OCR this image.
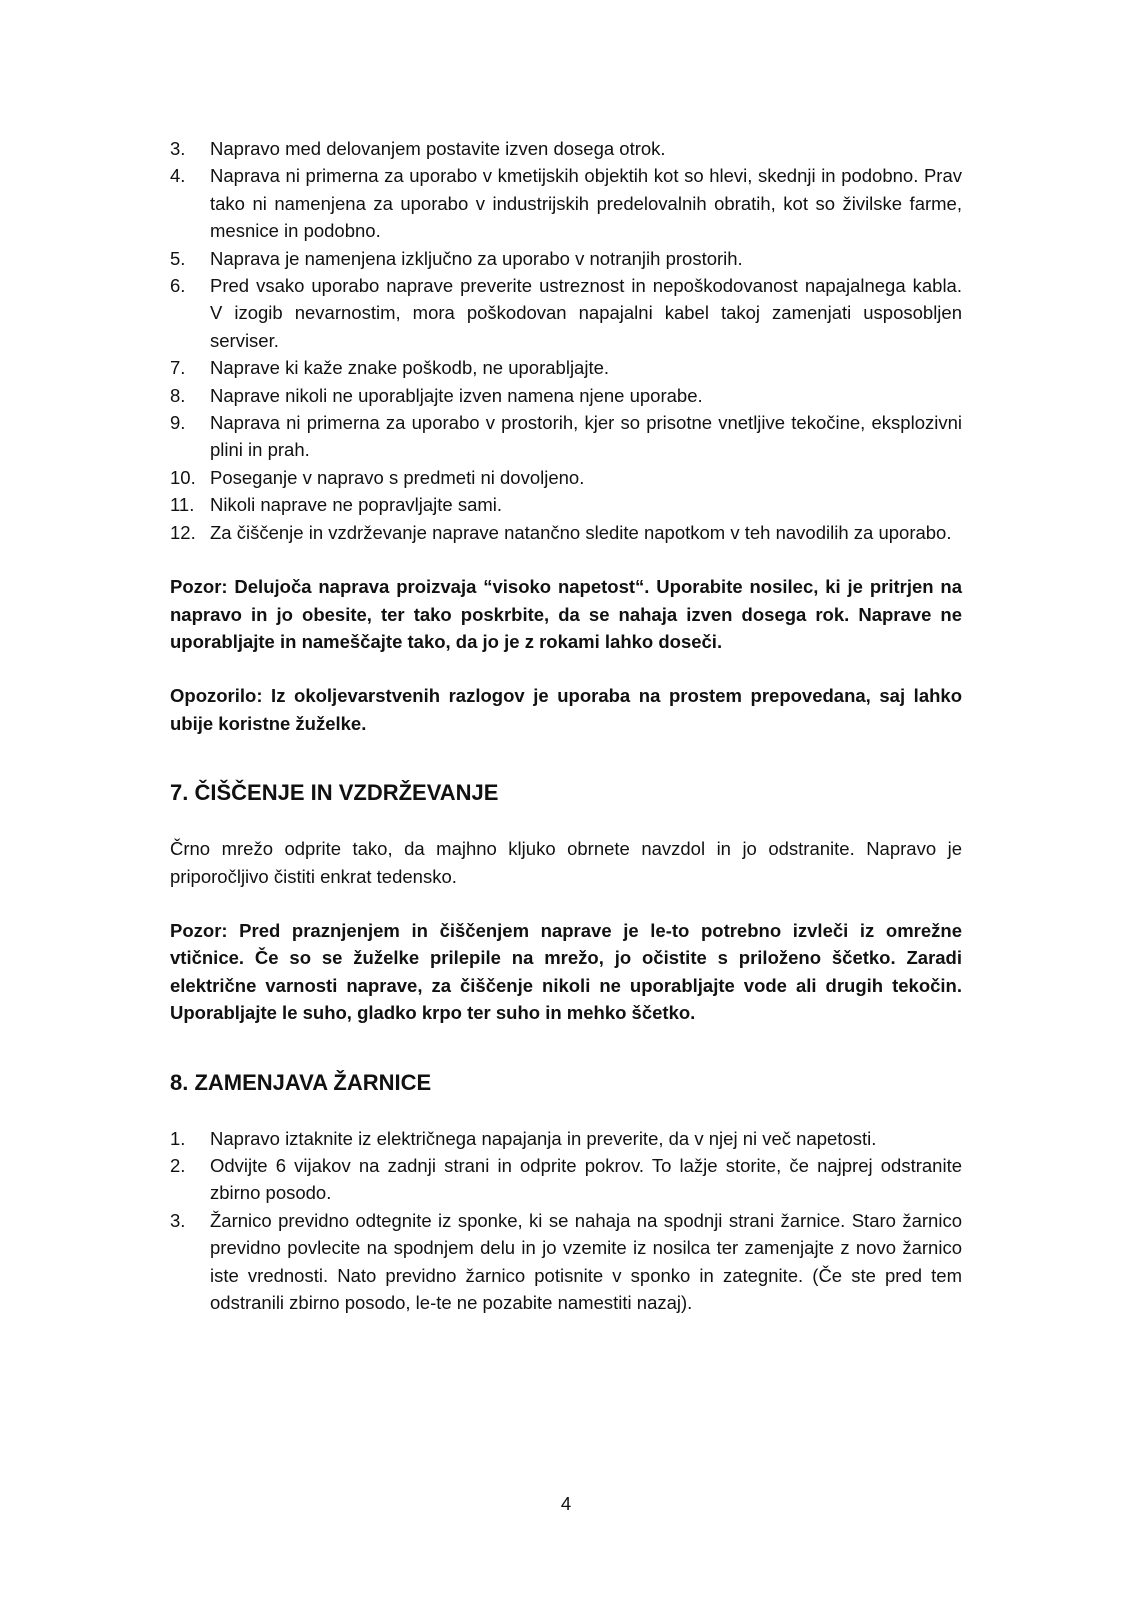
3.	Napravo med delovanjem postavite izven dosega otrok.
4.	Naprava ni primerna za uporabo v kmetijskih objektih kot so hlevi, skednji in podobno. Prav tako ni namenjena za uporabo v industrijskih predelovalnih obratih, kot so živilske farme, mesnice in podobno.
5.	Naprava je namenjena izključno za uporabo v notranjih prostorih.
6.	Pred vsako uporabo naprave preverite ustreznost in nepoškodovanost napajalnega kabla. V izogib nevarnostim, mora poškodovan napajalni kabel takoj zamenjati usposobljen serviser.
7.	Naprave ki kaže znake poškodb, ne uporabljajte.
8.	Naprave nikoli ne uporabljajte izven namena njene uporabe.
9.	Naprava ni primerna za uporabo v prostorih, kjer so prisotne vnetljive tekočine, eksplozivni plini in prah.
10. Poseganje v napravo s predmeti ni dovoljeno.
11. Nikoli naprave ne popravljajte sami.
12. Za čiščenje in vzdrževanje naprave natančno sledite napotkom v teh navodilih za uporabo.

Pozor: Delujoča naprava proizvaja “visoko napetost“. Uporabite nosilec, ki je pritrjen na napravo in jo obesite, ter tako poskrbite, da se nahaja izven dosega rok. Naprave ne uporabljajte in nameščajte tako, da jo je z rokami lahko doseči.

Opozorilo: Iz okoljevarstvenih razlogov je uporaba na prostem prepovedana, saj lahko ubije koristne žuželke.

7. ČIŠČENJE IN VZDRŽEVANJE

Črno mrežo odprite tako, da majhno kljuko obrnete navzdol in jo odstranite. Napravo je priporočljivo čistiti enkrat tedensko.

Pozor: Pred praznjenjem in čiščenjem naprave je le-to potrebno izvleči iz omrežne vtičnice. Če so se žuželke prilepile na mrežo, jo očistite s priloženo ščetko. Zaradi električne varnosti naprave, za čiščenje nikoli ne uporabljajte vode ali drugih tekočin. Uporabljajte le suho, gladko krpo ter suho in mehko ščetko.

8. ZAMENJAVA ŽARNICE
1.	Napravo iztaknite iz električnega napajanja in preverite, da v njej ni več napetosti.
2.	Odvijte 6 vijakov na zadnji strani in odprite pokrov. To lažje storite, če najprej odstranite zbirno posodo.
3.	Žarnico previdno odtegnite iz sponke, ki se nahaja na spodnji strani žarnice. Staro žarnico previdno povlecite na spodnjem delu in jo vzemite iz nosilca ter zamenjajte z novo žarnico iste vrednosti. Nato previdno žarnico potisnite v sponko in zategnite. (Če ste pred tem odstranili zbirno posodo, le-te ne pozabite namestiti nazaj).
4
